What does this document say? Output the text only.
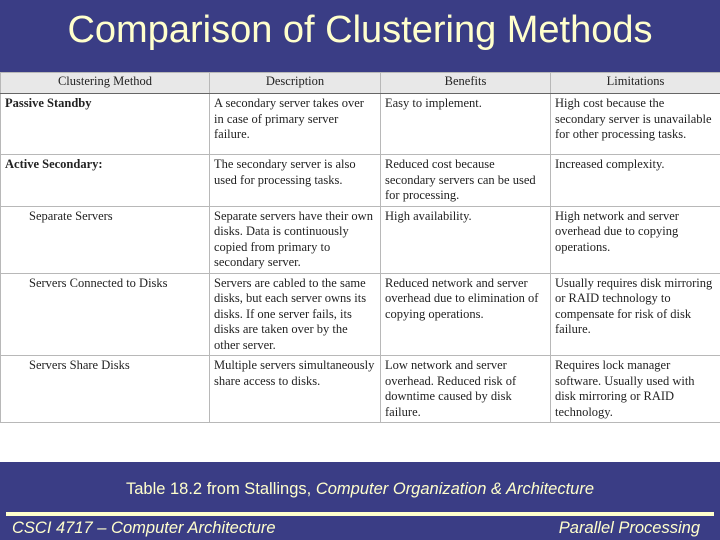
Comparison of Clustering Methods
Clustering Method	Description	Benefits	Limitations
Passive Standby	A secondary server takes over in case of primary server failure.	Easy to implement.	High cost because the secondary server is unavailable for other processing tasks.
Active Secondary:	The secondary server is also used for processing tasks.	Reduced cost because secondary servers can be used for processing.	Increased complexity.
Separate Servers	Separate servers have their own disks. Data is continuously copied from primary to secondary server.	High availability.	High network and server overhead due to copying operations.
Servers Connected to Disks	Servers are cabled to the same disks, but each server owns its disks. If one server fails, its disks are taken over by the other server.	Reduced network and server overhead due to elimination of copying operations.	Usually requires disk mirroring or RAID technology to compensate for risk of disk failure.
Servers Share Disks	Multiple servers simultaneously share access to disks.	Low network and server overhead. Reduced risk of downtime caused by disk failure.	Requires lock manager software. Usually used with disk mirroring or RAID technology.
Table 18.2 from Stallings, Computer Organization & Architecture
CSCI 4717 – Computer Architecture	Parallel Processing
